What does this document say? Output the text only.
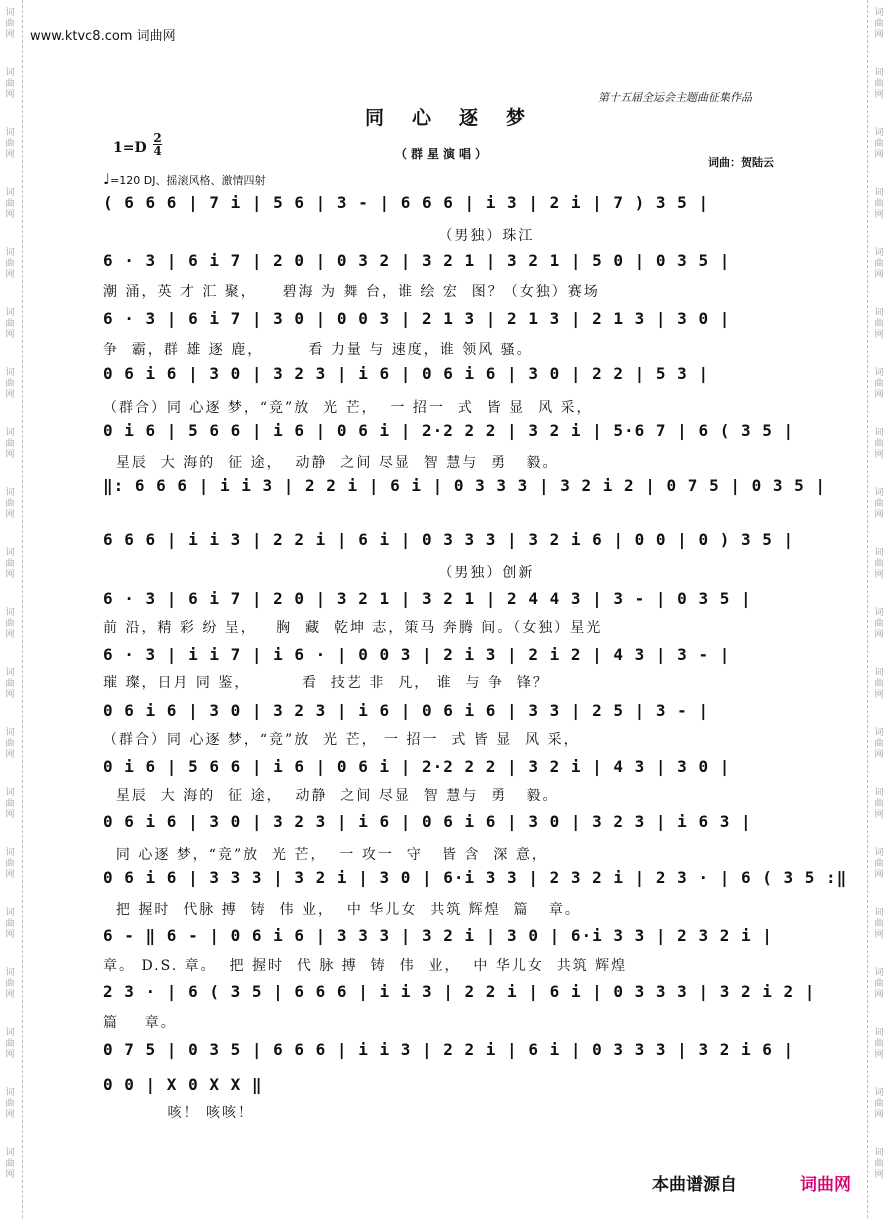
词
曲
网
词
曲
网
词
曲
网
词
曲
网
词
曲
网
词
曲
网
词
曲
网
词
曲
网
词
曲
网
词
曲
网
词
曲
网
词
曲
网
词
曲
网
词
曲
网
词
曲
网
词
曲
网
词
曲
网
词
曲
网
词
曲
网
词
曲
网
词
曲
网
词
曲
网
词
曲
网
词
曲
网
词
曲
网
词
曲
网
词
曲
网
词
曲
网
词
曲
网
词
曲
网
词
曲
网
词
曲
网
词
曲
网
词
曲
网
词
曲
网
词
曲
网
词
曲
网
词
曲
网
词
曲
网
词
曲
网
www.ktvc8.com 词曲网
第十五届全运会主题曲征集作品
同心逐梦
1=D
2
4	（群星演唱）
词曲：贺陆云
♩=120 DJ、摇滚风格、激情四射
( 6 6 6 | 7 i | 5 6 | 3 - | 6 6 6 | i 3 | 2 i | 7 ) 3 5 |
（男独）珠江
6 · 3 | 6 i 7 | 2 0 | 0 3 2 | 3 2 1 | 3 2 1 | 5 0 | 0 3 5 |
潮 涌，英 才 汇 聚，    碧海 为 舞 台，谁 绘 宏  图？（女独）赛场
6 · 3 | 6 i 7 | 3 0 | 0 0 3 | 2 1 3 | 2 1 3 | 2 1 3 | 3 0 |
争  霸，群 雄 逐 鹿，       看 力量 与 速度，谁 领风 骚。
0 6 i 6 | 3 0 | 3 2 3 | i 6 | 0 6 i 6 | 3 0 | 2 2 | 5 3 |
（群合）同 心逐 梦，“竞”放  光 芒，  一 招一  式  皆 显  风 采，
0 i 6 | 5 6 6 | i 6 | 0 6 i | 2·2 2 2 | 3 2 i | 5·6 7 | 6 ( 3 5 |
星辰  大 海的  征 途，  动静  之间 尽显  智 慧与  勇   毅。
‖: 6 6 6 | i i 3 | 2 2 i | 6 i | 0 3 3 3 | 3 2 i 2 | 0 7 5 | 0 3 5 |
6 6 6 | i i 3 | 2 2 i | 6 i | 0 3 3 3 | 3 2 i 6 | 0 0 | 0 ) 3 5 |
（男独）创新
6 · 3 | 6 i 7 | 2 0 | 3 2 1 | 3 2 1 | 2 4 4 3 | 3 - | 0 3 5 |
前 沿，精 彩 纷 呈，   胸  藏  乾坤 志，策马 奔腾 间。（女独）星光
6 · 3 | i i 7 | i 6 · | 0 0 3 | 2 i 3 | 2 i 2 | 4 3 | 3 - |
璀 璨，日月 同 鉴，        看  技艺 非  凡， 谁  与 争  锋？
0 6 i 6 | 3 0 | 3 2 3 | i 6 | 0 6 i 6 | 3 3 | 2 5 | 3 - |
（群合）同 心逐 梦，“竞”放  光 芒， 一 招一  式 皆 显  风 采，
0 i 6 | 5 6 6 | i 6 | 0 6 i | 2·2 2 2 | 3 2 i | 4 3 | 3 0 |
星辰  大 海的  征 途，  动静  之间 尽显  智 慧与  勇   毅。
0 6 i 6 | 3 0 | 3 2 3 | i 6 | 0 6 i 6 | 3 0 | 3 2 3 | i 6 3 |
同 心逐 梦，“竞”放  光 芒，  一 攻一  守   皆 含  深 意，
0 6 i 6 | 3 3 3 | 3 2 i | 3 0 | 6·i 3 3 | 2 3 2 i | 2 3 · | 6 ( 3 5 :‖
把 握时  代脉 搏  铸  伟 业，  中 华儿女  共筑 辉煌  篇   章。
6 - ‖ 6 - | 0 6 i 6 | 3 3 3 | 3 2 i | 3 0 | 6·i 3 3 | 2 3 2 i |
章。 D.S. 章。  把 握时  代 脉 搏  铸  伟  业，  中 华儿女  共筑 辉煌
2 3 · | 6 ( 3 5 | 6 6 6 | i i 3 | 2 2 i | 6 i | 0 3 3 3 | 3 2 i 2 |
篇    章。
0 7 5 | 0 3 5 | 6 6 6 | i i 3 | 2 2 i | 6 i | 0 3 3 3 | 3 2 i 6 |
0 0 | X 0 X X ‖
咳！ 咳咳！
本曲谱源自	词曲网
